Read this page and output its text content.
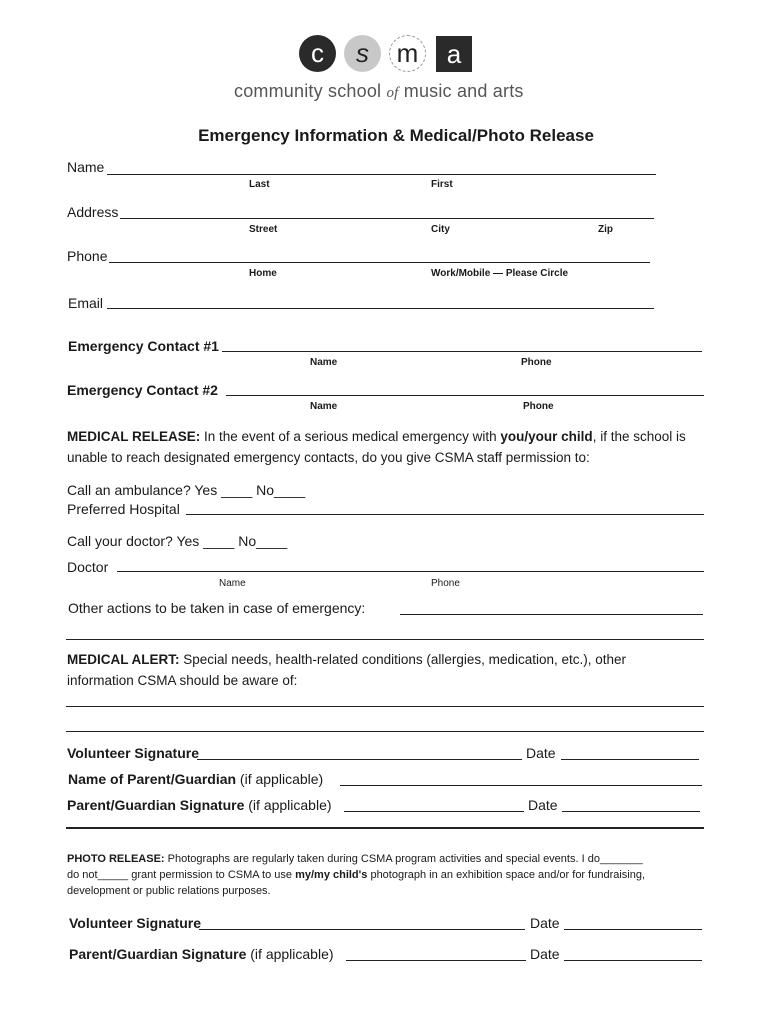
c s m a
community school of music and arts
Emergency Information & Medical/Photo Release
Name
Last	First
Address
Street	City	Zip
Phone
Home	Work/Mobile — Please Circle
Email
Emergency Contact #1
Name	Phone
Emergency Contact #2
Name	Phone
MEDICAL RELEASE: In the event of a serious medical emergency with you/your child, if the school is
unable to reach designated emergency contacts, do you give CSMA staff permission to:
Call an ambulance? Yes ____ No____
Preferred Hospital
Call your doctor? Yes ____ No____
Doctor
Name	Phone
Other actions to be taken in case of emergency:
MEDICAL ALERT: Special needs, health-related conditions (allergies, medication, etc.), other
information CSMA should be aware of:
Volunteer Signature	Date
Name of Parent/Guardian (if applicable)
Parent/Guardian Signature (if applicable)	Date
PHOTO RELEASE: Photographs are regularly taken during CSMA program activities and special events. I do_______
do not_____ grant permission to CSMA to use my/my child's photograph in an exhibition space and/or for fundraising,
development or public relations purposes.
Volunteer Signature	Date
Parent/Guardian Signature (if applicable)	Date
